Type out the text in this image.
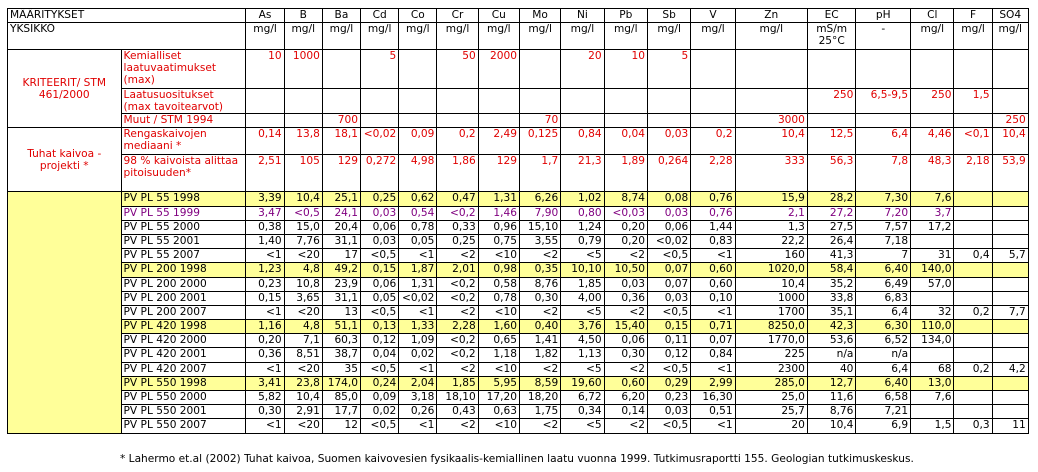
MÄÄRITYKSET		As	B	Ba	Cd	Co	Cr	Cu	Mo	Ni	Pb	Sb	V	Zn	EC	pH	Cl	F	SO4
YKSIKKÖ		mg/l	mg/l	mg/l	mg/l	mg/l	mg/l	mg/l	mg/l	mg/l	mg/l	mg/l	mg/l	mg/l	mS/m 25°C	-	mg/l	mg/l	mg/l
KRITEERIT/ STM 461/2000	Kemialliset laatuvaatimukset (max)	10	1000		5		50	2000		20	10	5							
	Laatusuositukset (max tavoitearvot)														250	6,5-9,5	250	1,5	
	Muut / STM 1994			700					70					3000					250
Tuhat kaivoa -projekti *	Rengaskaivojen mediaani *	0,14	13,8	18,1	<0,02	0,09	0,2	2,49	0,125	0,84	0,04	0,03	0,2	10,4	12,5	6,4	4,46	<0,1	10,4
	98 % kaivoista alittaa pitoisuuden*	2,51	105	129	0,272	4,98	1,86	129	1,7	21,3	1,89	0,264	2,28	333	56,3	7,8	48,3	2,18	53,9
	PV PL 55 1998	3,39	10,4	25,1	0,25	0,62	0,47	1,31	6,26	1,02	8,74	0,08	0,76	15,9	28,2	7,30	7,6		
	PV PL 55 1999	3,47	<0,5	24,1	0,03	0,54	<0,2	1,46	7,90	0,80	<0,03	0,03	0,76	2,1	27,2	7,20	3,7		
	PV PL 55 2000	0,38	15,0	20,4	0,06	0,78	0,33	0,96	15,10	1,24	0,20	0,06	1,44	1,3	27,5	7,57	17,2		
	PV PL 55 2001	1,40	7,76	31,1	0,03	0,05	0,25	0,75	3,55	0,79	0,20	<0,02	0,83	22,2	26,4	7,18			
	PV PL 55 2007	<1	<20	17	<0,5	<1	<2	<10	<2	<5	<2	<0,5	<1	160	41,3	7	31	0,4	5,7
	PV PL 200 1998	1,23	4,8	49,2	0,15	1,87	2,01	0,98	0,35	10,10	10,50	0,07	0,60	1020,0	58,4	6,40	140,0		
	PV PL 200 2000	0,23	10,8	23,9	0,06	1,31	<0,2	0,58	8,76	1,85	0,03	0,07	0,60	10,4	35,2	6,49	57,0		
	PV PL 200 2001	0,15	3,65	31,1	0,05	<0,02	<0,2	0,78	0,30	4,00	0,36	0,03	0,10	1000	33,8	6,83			
	PV PL 200 2007	<1	<20	13	<0,5	<1	<2	<10	<2	<5	<2	<0,5	<1	1700	35,1	6,4	32	0,2	7,7
	PV PL 420 1998	1,16	4,8	51,1	0,13	1,33	2,28	1,60	0,40	3,76	15,40	0,15	0,71	8250,0	42,3	6,30	110,0		
	PV PL 420 2000	0,20	7,1	60,3	0,12	1,09	<0,2	0,65	1,41	4,50	0,06	0,11	0,07	1770,0	53,6	6,52	134,0		
	PV PL 420 2001	0,36	8,51	38,7	0,04	0,02	<0,2	1,18	1,82	1,13	0,30	0,12	0,84	225	n/a	n/a			
	PV PL 420 2007	<1	<20	35	<0,5	<1	<2	<10	<2	<5	<2	<0,5	<1	2300	40	6,4	68	0,2	4,2
	PV PL 550 1998	3,41	23,8	174,0	0,24	2,04	1,85	5,95	8,59	19,60	0,60	0,29	2,99	285,0	12,7	6,40	13,0		
	PV PL 550 2000	5,82	10,4	85,0	0,09	3,18	18,10	17,20	18,20	6,72	6,20	0,23	16,30	25,0	11,6	6,58	7,6		
	PV PL 550 2001	0,30	2,91	17,7	0,02	0,26	0,43	0,63	1,75	0,34	0,14	0,03	0,51	25,7	8,76	7,21			
	PV PL 550 2007	<1	<20	12	<0,5	<1	<2	<10	<2	<5	<2	<0,5	<1	20	10,4	6,9	1,5	0,3	11
* Lahermo et.al (2002) Tuhat kaivoa, Suomen kaivovesien fysikaalis-kemiallinen laatu vuonna 1999. Tutkimusraportti 155. Geologian tutkimuskeskus.
